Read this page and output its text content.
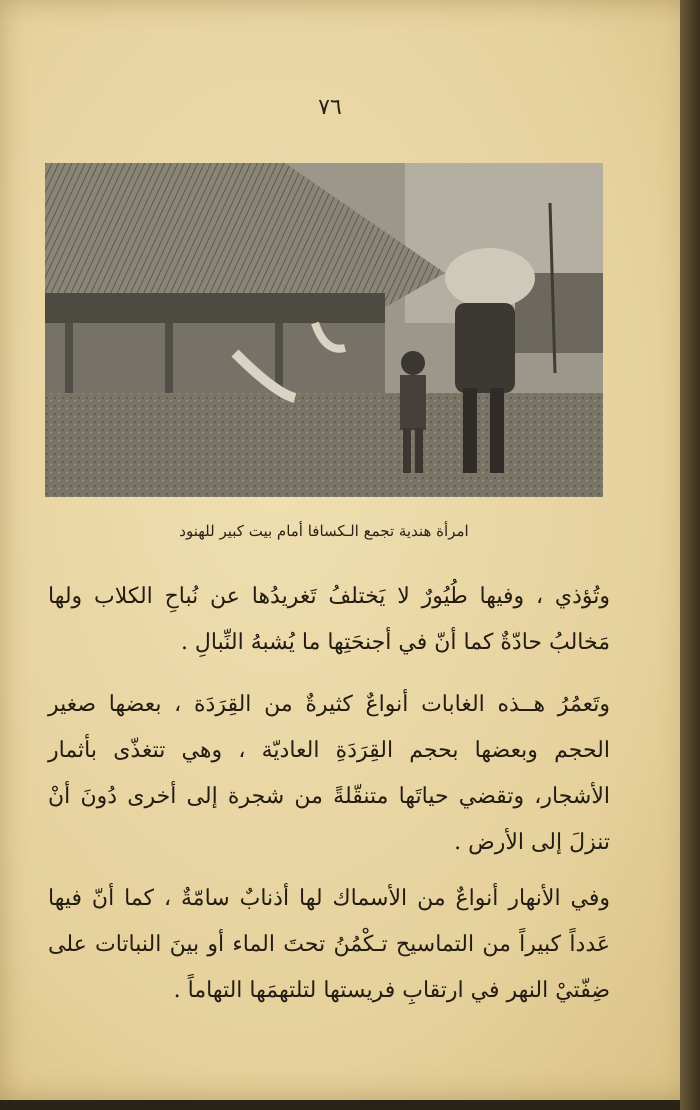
٧٦
امرأة هندية تجمع الـكسافا أمام بيت كبير للهنود
وتُؤذي ، وفيها طُيُورٌ لا يَختلفُ تَغريدُها عن نُباحِ الكلاب ولها مَخالبُ حادّةٌ كما أنّ في أجنحَتِها ما يُشبهُ النِّبالِ .
وتَعمُرُ هــذه الغابات أنواعٌ كثيرةٌ من القِرَدَة ، بعضها صغير الحجم وبعضها بحجم القِرَدَةِ العاديّة ، وهي تتغذّى بأثمار الأشجار، وتقضي حياتَها متنقّلةً من شجرة إلى أخرى دُونَ أنْ تنزلَ إلى الأرض .
وفي الأنهار أنواعٌ من الأسماك لها أذنابٌ سامّةٌ ، كما أنّ فيها عَدداً كبيراً من التماسيح تـكْمُنُ تحتَ الماء أو بينَ النباتات على ضِفّتيْ النهر في ارتقابِ فريستها لتلتهمَها التهاماً .
